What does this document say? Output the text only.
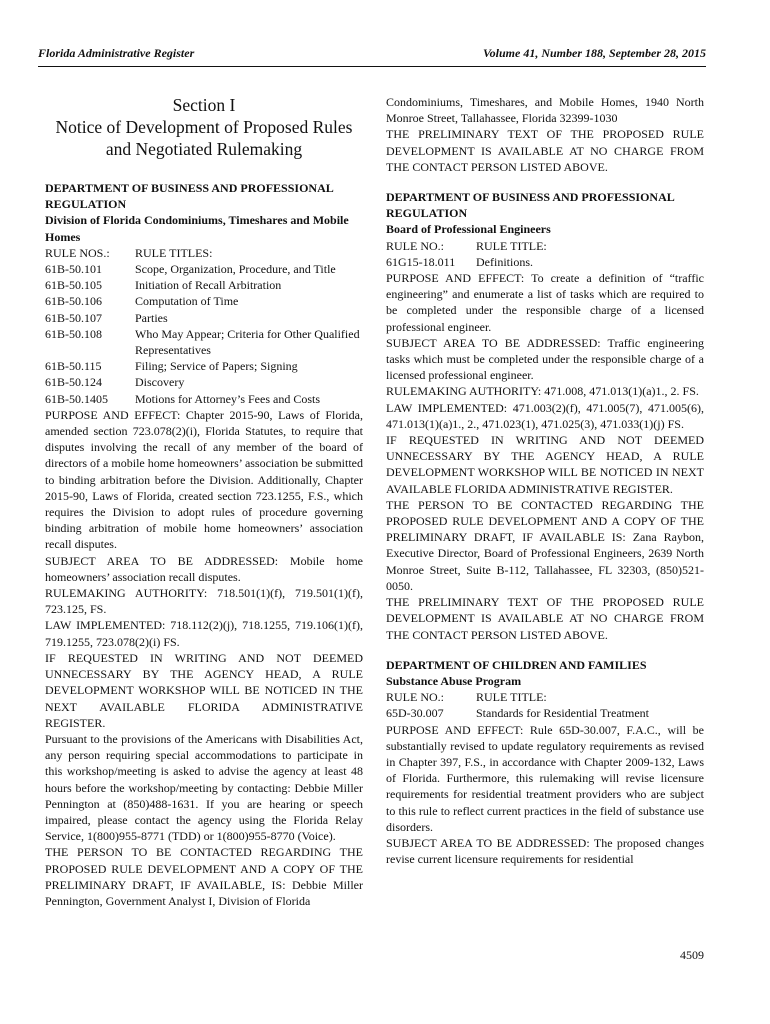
Florida Administrative Register	Volume 41, Number 188, September 28, 2015
Section I
Notice of Development of Proposed Rules
and Negotiated Rulemaking
DEPARTMENT OF BUSINESS AND PROFESSIONAL REGULATION
Division of Florida Condominiums, Timeshares and Mobile Homes
RULE NOS.:	RULE TITLES:
61B-50.101	Scope, Organization, Procedure, and Title
61B-50.105	Initiation of Recall Arbitration
61B-50.106	Computation of Time
61B-50.107	Parties
61B-50.108	Who May Appear; Criteria for Other Qualified Representatives
61B-50.115	Filing; Service of Papers; Signing
61B-50.124	Discovery
61B-50.1405	Motions for Attorney’s Fees and Costs

PURPOSE AND EFFECT: Chapter 2015-90, Laws of Florida, amended section 723.078(2)(i), Florida Statutes, to require that disputes involving the recall of any member of the board of directors of a mobile home homeowners’ association be submitted to binding arbitration before the Division. Additionally, Chapter 2015-90, Laws of Florida, created section 723.1255, F.S., which requires the Division to adopt rules of procedure governing binding arbitration of mobile home homeowners’ association recall disputes.

SUBJECT AREA TO BE ADDRESSED: Mobile home homeowners’ association recall disputes.

RULEMAKING AUTHORITY: 718.501(1)(f), 719.501(1)(f), 723.125, FS.

LAW IMPLEMENTED: 718.112(2)(j), 718.1255, 719.106(1)(f), 719.1255, 723.078(2)(i) FS.

IF REQUESTED IN WRITING AND NOT DEEMED UNNECESSARY BY THE AGENCY HEAD, A RULE DEVELOPMENT WORKSHOP WILL BE NOTICED IN THE NEXT AVAILABLE FLORIDA ADMINISTRATIVE REGISTER.

Pursuant to the provisions of the Americans with Disabilities Act, any person requiring special accommodations to participate in this workshop/meeting is asked to advise the agency at least 48 hours before the workshop/meeting by contacting: Debbie Miller Pennington at (850)488-1631. If you are hearing or speech impaired, please contact the agency using the Florida Relay Service, 1(800)955-8771 (TDD) or 1(800)955-8770 (Voice).

THE PERSON TO BE CONTACTED REGARDING THE PROPOSED RULE DEVELOPMENT AND A COPY OF THE PRELIMINARY DRAFT, IF AVAILABLE, IS: Debbie Miller Pennington, Government Analyst I, Division of Florida

Condominiums, Timeshares, and Mobile Homes, 1940 North Monroe Street, Tallahassee, Florida 32399-1030

THE PRELIMINARY TEXT OF THE PROPOSED RULE DEVELOPMENT IS AVAILABLE AT NO CHARGE FROM THE CONTACT PERSON LISTED ABOVE.

DEPARTMENT OF BUSINESS AND PROFESSIONAL REGULATION
Board of Professional Engineers
RULE NO.:	RULE TITLE:
61G15-18.011	Definitions.

PURPOSE AND EFFECT: To create a definition of “traffic engineering” and enumerate a list of tasks which are required to be completed under the responsible charge of a licensed professional engineer.

SUBJECT AREA TO BE ADDRESSED: Traffic engineering tasks which must be completed under the responsible charge of a licensed professional engineer.

RULEMAKING AUTHORITY: 471.008, 471.013(1)(a)1., 2. FS.

LAW IMPLEMENTED: 471.003(2)(f), 471.005(7), 471.005(6), 471.013(1)(a)1., 2., 471.023(1), 471.025(3), 471.033(1)(j) FS.

IF REQUESTED IN WRITING AND NOT DEEMED UNNECESSARY BY THE AGENCY HEAD, A RULE DEVELOPMENT WORKSHOP WILL BE NOTICED IN NEXT AVAILABLE FLORIDA ADMINISTRATIVE REGISTER.

THE PERSON TO BE CONTACTED REGARDING THE PROPOSED RULE DEVELOPMENT AND A COPY OF THE PRELIMINARY DRAFT, IF AVAILABLE IS: Zana Raybon, Executive Director, Board of Professional Engineers, 2639 North Monroe Street, Suite B-112, Tallahassee, FL 32303, (850)521-0050.

THE PRELIMINARY TEXT OF THE PROPOSED RULE DEVELOPMENT IS AVAILABLE AT NO CHARGE FROM THE CONTACT PERSON LISTED ABOVE.

DEPARTMENT OF CHILDREN AND FAMILIES
Substance Abuse Program
RULE NO.:	RULE TITLE:
65D-30.007	Standards for Residential Treatment

PURPOSE AND EFFECT: Rule 65D-30.007, F.A.C., will be substantially revised to update regulatory requirements as revised in Chapter 397, F.S., in accordance with Chapter 2009-132, Laws of Florida. Furthermore, this rulemaking will revise licensure requirements for residential treatment providers who are subject to this rule to reflect current practices in the field of substance use disorders.

SUBJECT AREA TO BE ADDRESSED: The proposed changes revise current licensure requirements for residential

4509
